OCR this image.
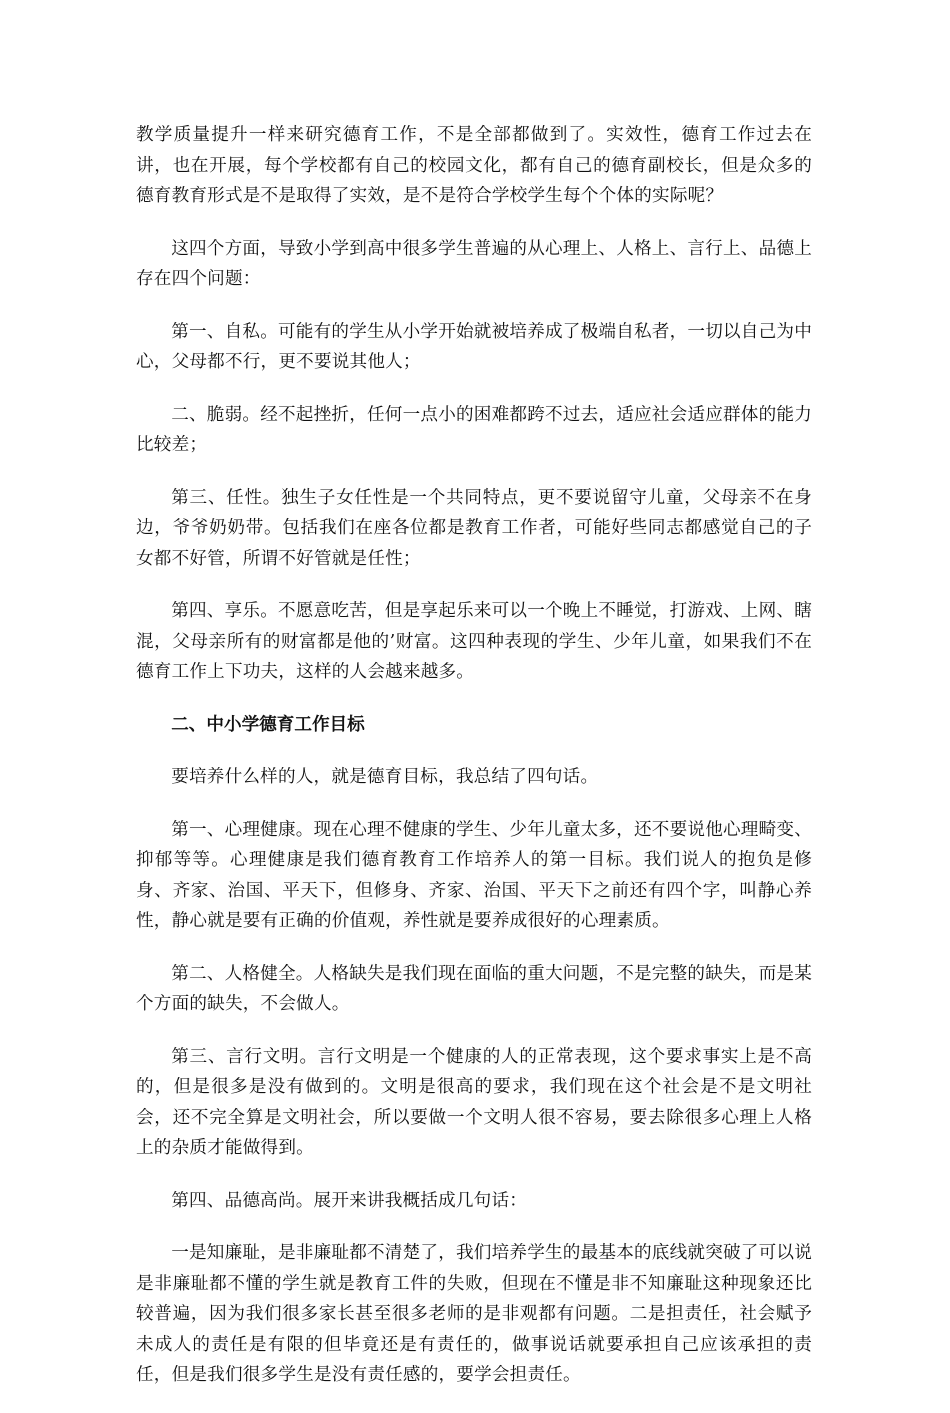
教学质量提升一样来研究德育工作，不是全部都做到了。实效性，德育工作过去在讲，也在开展，每个学校都有自己的校园文化，都有自己的德育副校长，但是众多的德育教育形式是不是取得了实效，是不是符合学校学生每个个体的实际呢？

这四个方面，导致小学到高中很多学生普遍的从心理上、人格上、言行上、品德上存在四个问题：

第一、自私。可能有的学生从小学开始就被培养成了极端自私者，一切以自己为中心，父母都不行，更不要说其他人；

二、脆弱。经不起挫折，任何一点小的困难都跨不过去，适应社会适应群体的能力比较差；

第三、任性。独生子女任性是一个共同特点，更不要说留守儿童，父母亲不在身边，爷爷奶奶带。包括我们在座各位都是教育工作者，可能好些同志都感觉自己的子女都不好管，所谓不好管就是任性；

第四、享乐。不愿意吃苦，但是享起乐来可以一个晚上不睡觉，打游戏、上网、瞎混，父母亲所有的财富都是他的’财富。这四种表现的学生、少年儿童，如果我们不在德育工作上下功夫，这样的人会越来越多。

二、中小学德育工作目标

要培养什么样的人，就是德育目标，我总结了四句话。

第一、心理健康。现在心理不健康的学生、少年儿童太多，还不要说他心理畸变、抑郁等等。心理健康是我们德育教育工作培养人的第一目标。我们说人的抱负是修身、齐家、治国、平天下，但修身、齐家、治国、平天下之前还有四个字，叫静心养性，静心就是要有正确的价值观，养性就是要养成很好的心理素质。

第二、人格健全。人格缺失是我们现在面临的重大问题，不是完整的缺失，而是某个方面的缺失，不会做人。

第三、言行文明。言行文明是一个健康的人的正常表现，这个要求事实上是不高的，但是很多是没有做到的。文明是很高的要求，我们现在这个社会是不是文明社会，还不完全算是文明社会，所以要做一个文明人很不容易，要去除很多心理上人格上的杂质才能做得到。

第四、品德高尚。展开来讲我概括成几句话：

一是知廉耻，是非廉耻都不清楚了，我们培养学生的最基本的底线就突破了可以说是非廉耻都不懂的学生就是教育工件的失败，但现在不懂是非不知廉耻这种现象还比较普遍，因为我们很多家长甚至很多老师的是非观都有问题。二是担责任，社会赋予未成人的责任是有限的但毕竟还是有责任的，做事说话就要承担自己应该承担的责任，但是我们很多学生是没有责任感的，要学会担责任。
